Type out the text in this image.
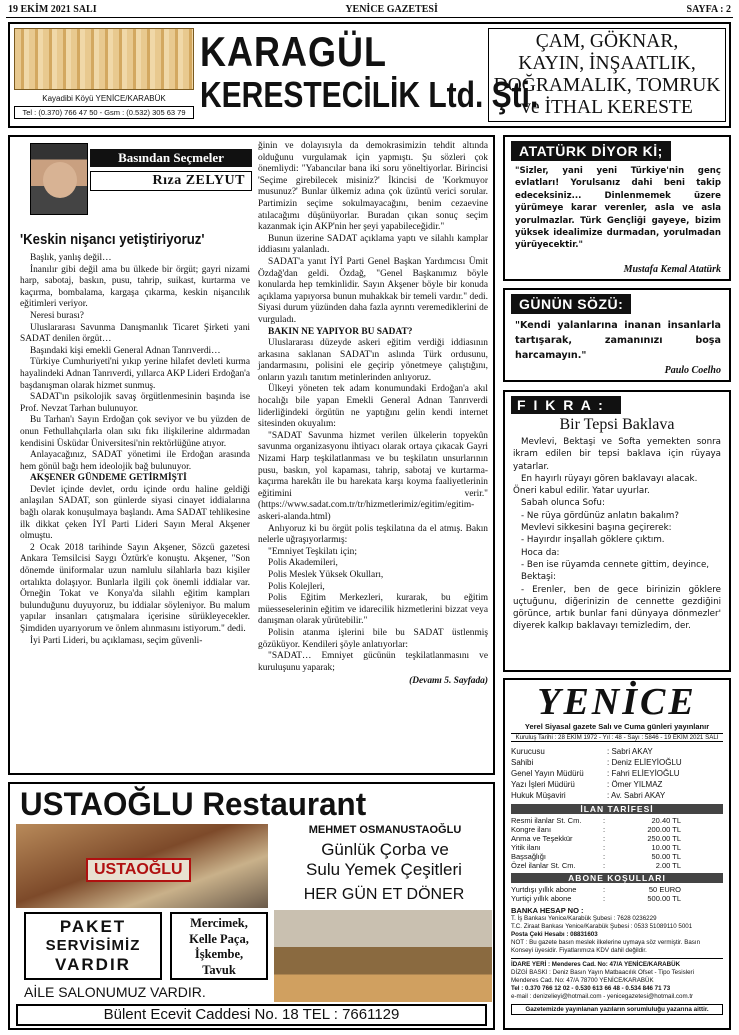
19 EKİM 2021 SALI	YENİCE GAZETESİ	SAYFA : 2
Kayadibi Köyü YENİCE/KARABÜK
Tel : (0.370) 766 47 50 - Gsm : (0.532) 305 63 79
KARAGÜL
KERESTECİLİK Ltd. Şti.
ÇAM, GÖKNAR,
KAYIN, İNŞAATLIK,
DOĞRAMALIK, TOMRUK
ve İTHAL KERESTE
Basından Seçmeler
Rıza ZELYUT
'Keskin nişancı yetiştiriyoruz'

Başlık, yanlış değil…

İnanılır gibi değil ama bu ülkede bir örgüt; gayri nizami harp, sabotaj, baskın, pusu, tahrip, suikast, kurtarma ve kaçırma, bombalama, kargaşa çıkarma, keskin nişancılık eğitimleri veriyor.

Neresi burası?

Uluslararası Savunma Danışmanlık Ticaret Şirketi yani SADAT denilen örgüt…

Başındaki kişi emekli General Adnan Tanrıverdi…

Türkiye Cumhuriyeti'ni yıkıp yerine hilafet devleti kurma hayalindeki Adnan Tanrıverdi, yıllarca AKP Lideri Erdoğan'a başdanışman olarak hizmet sunmuş.

SADAT'ın psikolojik savaş örgütlenmesinin başında ise Prof. Nevzat Tarhan bulunuyor.

Bu Tarhan'ı Sayın Erdoğan çok seviyor ve bu yüzden de onun Fethullahçılarla olan sıkı fıkı ilişkilerine aldırmadan kendisini Üsküdar Üniversitesi'nin rektörlüğüne atıyor.

Anlayacağınız, SADAT yönetimi ile Erdoğan arasında hem gönül bağı hem ideolojik bağ bulunuyor.

AKŞENER GÜNDEME GETİRMİŞTİ

Devlet içinde devlet, ordu içinde ordu haline geldiği anlaşılan SADAT, son günlerde siyasi cinayet iddialarına bağlı olarak konuşulmaya başlandı. Ama SADAT tehlikesine ilk dikkat çeken İYİ Parti Lideri Sayın Meral Akşener olmuştu.

2 Ocak 2018 tarihinde Sayın Akşener, Sözcü gazetesi Ankara Temsilcisi Saygı Öztürk'e konuştu. Akşener, "Son dönemde üniformalar uzun namlulu silahlarla bazı kişiler ortalıkta dolaşıyor. Bunlarla ilgili çok önemli iddialar var. Örneğin Tokat ve Konya'da silahlı eğitim kampları bulunduğunu duyuyoruz, bu iddialar söyleniyor. Bu malum yapılar insanları çatışmalara içerisine sürükleyecekler. Şimdiden uyarıyorum ve önlem alınmasını istiyorum." dedi.

İyi Parti Lideri, bu açıklaması, seçim güvenli-

ğinin ve dolayısıyla da demokrasimizin tehdit altında olduğunu vurgulamak için yapmıştı. Şu sözleri çok önemliydi: "Yabancılar bana iki soru yöneltiyorlar. Birincisi 'Seçime girebilecek misiniz?' İkincisi de 'Korkmuyor musunuz?' Bunlar ülkemiz adına çok üzüntü verici sorular. Partimizin seçime sokulmayacağını, benim cezaevine atılacağımı düşünüyorlar. Buradan çıkan sonuç seçim kazanmak için AKP'nin her şeyi yapabileceğidir."

Bunun üzerine SADAT açıklama yaptı ve silahlı kamplar iddiasını yalanladı.

SADAT'a yanıt İYİ Parti Genel Başkan Yardımcısı Ümit Özdağ'dan geldi. Özdağ, "Genel Başkanımız böyle konularda hep temkinlidir. Sayın Akşener böyle bir konuda açıklama yapıyorsa bunun muhakkak bir temeli vardır." dedi. Siyasi durum yüzünden daha fazla ayrıntı veremediklerini de vurguladı.

BAKIN NE YAPIYOR BU SADAT?

Uluslararası düzeyde askeri eğitim verdiği iddiasının arkasına saklanan SADAT'ın aslında Türk ordusunu, jandarmasını, polisini ele geçirip yönetmeye çalıştığını, onların yazılı tanıtım metinlerinden anlıyoruz.

Ülkeyi yöneten tek adam konumundaki Erdoğan'a akıl hocalığı bile yapan Emekli General Adnan Tanrıverdi liderliğindeki örgütün ne yaptığını gelin kendi internet sitesinden okuyalım:

"SADAT Savunma hizmet verilen ülkelerin topyekûn savunma organizasyonu ihtiyacı olarak ortaya çıkacak Gayri Nizami Harp teşkilatlanması ve bu teşkilatın unsurlarının pusu, baskın, yol kapaması, tahrip, sabotaj ve kurtarma-kaçırma harekâtı ile bu harekata karşı koyma faaliyetlerinin eğitimini verir." (https://www.sadat.com.tr/tr/hizmetlerimiz/egitim/egitim-askeri-alanda.html)

Anlıyoruz ki bu örgüt polis teşkilatına da el atmış. Bakın nelerle uğraşıyorlarmış:

"Emniyet Teşkilatı için;

Polis Akademileri,

Polis Meslek Yüksek Okulları,

Polis Kolejleri,

Polis Eğitim Merkezleri, kurarak, bu eğitim müesseselerinin eğitim ve idarecilik hizmetlerini bizzat veya danışman olarak yürütebilir."

Polisin atanma işlerini bile bu SADAT üstlenmiş gözüküyor. Kendileri şöyle anlatıyorlar:

"SADAT… Emniyet gücünün teşkilatlanmasını ve kuruluşunu yaparak;

(Devamı 5. Sayfada)

ATATÜRK DİYOR Kİ;
"Sizler, yani yeni Türkiye'nin genç evlatları! Yorulsanız dahi beni takip edeceksiniz... Dinlenmemek üzere yürümeye karar verenler, asla ve asla yorulmazlar. Türk Gençliği gayeye, bizim yüksek idealimize durmadan, yorulmadan yürüyecektir."
Mustafa Kemal Atatürk
GÜNÜN SÖZÜ:
"Kendi yalanlarına inanan insanlarla tartışarak, zamanınızı boşa harcamayın."
Paulo Coelho
F I K R A :
Bir Tepsi Baklava
Mevlevi, Bektaşi ve Softa yemekten sonra ikram edilen bir tepsi baklava için rüyaya yatarlar.
En hayırlı rüyayı gören baklavayı alacak. Öneri kabul edilir. Yatar uyurlar.
Sabah olunca Sofu:
- Ne rüya gördünüz anlatın bakalım?
Mevlevi sikkesini başına geçirerek:
- Hayırdır inşallah göklere çıktım.
Hoca da:
- Ben ise rüyamda cennete gittim, deyince,
Bektaşi:
- Erenler, ben de gece birinizin göklere uçtuğunu, diğerinizin de cennette gezdiğini görünce, artık bunlar fani dünyaya dönmezler' diyerek kalkıp baklavayı temizledim, der.
YENİCE
Yerel Siyasal gazete Salı ve Cuma günleri yayınlanır
Kuruluş Tarihi : 28 EKİM 1972 - Yıl : 48 - Sayı : 5846 - 19 EKİM 2021 SALI
Kurucusu	: Sabri AKAY
Sahibi	: Deniz ELİEYİOĞLU
Genel Yayın Müdürü	: Fahri ELİEYİOĞLU
Yazı İşleri Müdürü	: Ömer YILMAZ
Hukuk Müşaviri	: Av. Sabri AKAY
İLAN TARİFESİ
Resmi ilanlar St. Cm.	:	20.40 TL
Kongre ilanı	:	200.00 TL
Anma ve Teşekkür	:	250.00 TL
Yitik ilanı	:	10.00 TL
Başsağlığı	:	50.00 TL
Özel ilanlar St. Cm.	:	2.00 TL
ABONE KOŞULLARI
Yurtdışı yıllık abone	:	50 EURO
Yurtiçi yıllık abone	:	500.00 TL
BANKA HESAP NO :
T. İş Bankası Yenice/Karabük Şubesi : 7628 0236229
T.C. Ziraat Bankası Yenice/Karabük Şubesi : 0533 51089110 5001
Posta Çeki Hesabı : 08831603
NOT : Bu gazete basın meslek ilkelerine uymaya söz vermiştir. Basın Konseyi üyesidir. Fiyatlarımıza KDV dahil değildir.
İDARE YERİ : Menderes Cad. No: 47/A YENİCE/KARABÜK
DİZGİ BASKI : Deniz Basın Yayın Matbaacılık Ofset - Tipo Tesisleri Menderes Cad. No: 47/A 78700 YENİCE/KARABÜK
Tel : 0.370 766 12 02 - 0.530 613 66 48 - 0.534 846 71 73
e-mail : denizelieyi@hotmail.com - yenicegazetesi@hotmail.com.tr
Gazetemizde yayınlanan yazıların sorumluluğu yazarına aittir.
USTAOĞLU Restaurant
USTAOĞLU
MEHMET OSMANUSTAOĞLU
Günlük Çorba ve
Sulu Yemek Çeşitleri
HER GÜN ET DÖNER
PAKET
SERVİSİMİZ
VARDIR
Mercimek,
Kelle Paça,
İşkembe,
Tavuk
AİLE SALONUMUZ VARDIR.
Bülent Ecevit Caddesi No. 18 TEL : 7661129
